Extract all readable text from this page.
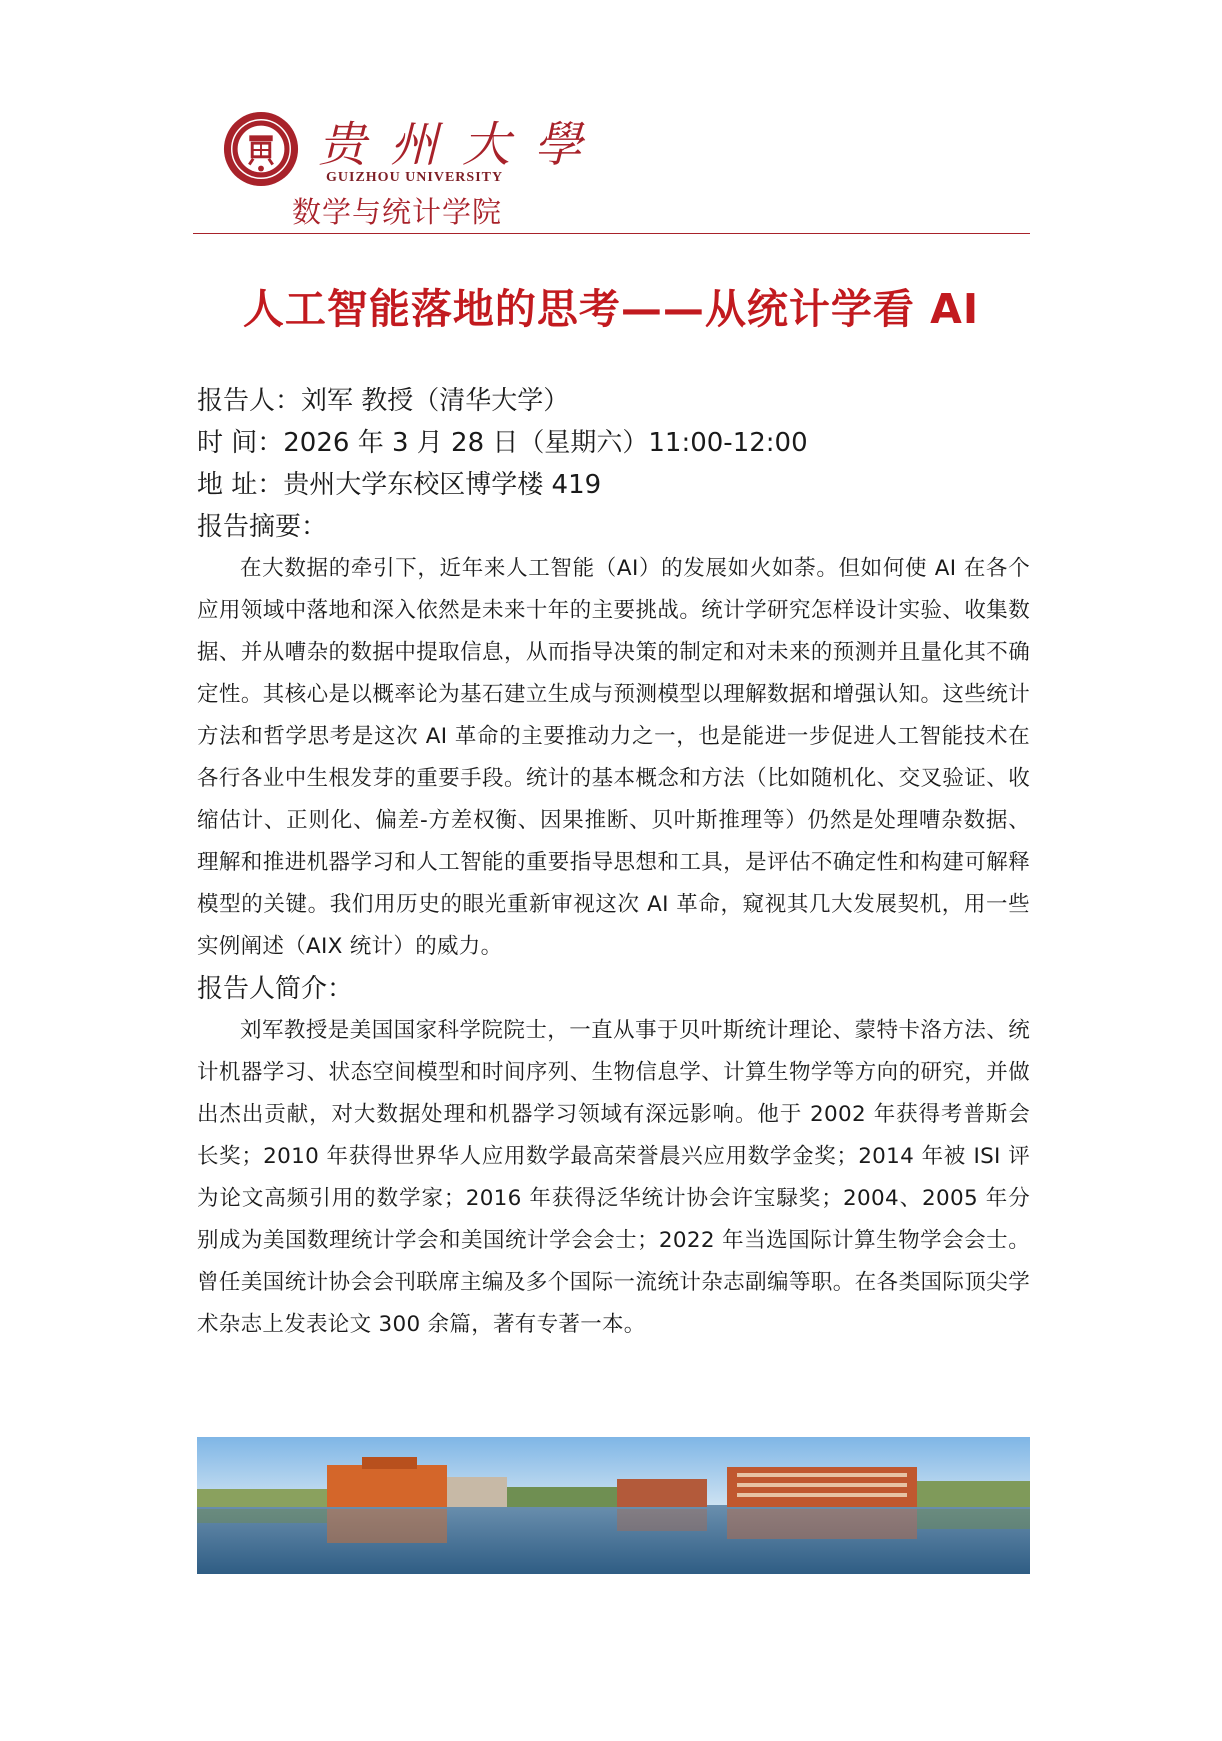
贵州大學
GUIZHOU UNIVERSITY
数学与统计学院
人工智能落地的思考——从统计学看 AI
报告人：刘军 教授（清华大学）
时 间：2026 年 3 月 28 日（星期六）11:00-12:00
地 址：贵州大学东校区博学楼 419
报告摘要：

在大数据的牵引下，近年来人工智能（AI）的发展如火如荼。但如何使 AI 在各个应用领域中落地和深入依然是未来十年的主要挑战。统计学研究怎样设计实验、收集数据、并从嘈杂的数据中提取信息，从而指导决策的制定和对未来的预测并且量化其不确定性。其核心是以概率论为基石建立生成与预测模型以理解数据和增强认知。这些统计方法和哲学思考是这次 AI 革命的主要推动力之一，也是能进一步促进人工智能技术在各行各业中生根发芽的重要手段。统计的基本概念和方法（比如随机化、交叉验证、收缩估计、正则化、偏差-方差权衡、因果推断、贝叶斯推理等）仍然是处理嘈杂数据、理解和推进机器学习和人工智能的重要指导思想和工具，是评估不确定性和构建可解释模型的关键。我们用历史的眼光重新审视这次 AI 革命，窥视其几大发展契机，用一些实例阐述（AIX 统计）的威力。

报告人简介：

刘军教授是美国国家科学院院士，一直从事于贝叶斯统计理论、蒙特卡洛方法、统计机器学习、状态空间模型和时间序列、生物信息学、计算生物学等方向的研究，并做出杰出贡献，对大数据处理和机器学习领域有深远影响。他于 2002 年获得考普斯会长奖；2010 年获得世界华人应用数学最高荣誉晨兴应用数学金奖；2014 年被 ISI 评为论文高频引用的数学家；2016 年获得泛华统计协会许宝騄奖；2004、2005 年分别成为美国数理统计学会和美国统计学会会士；2022 年当选国际计算生物学会会士。曾任美国统计协会会刊联席主编及多个国际一流统计杂志副编等职。在各类国际顶尖学术杂志上发表论文 300 余篇，著有专著一本。
